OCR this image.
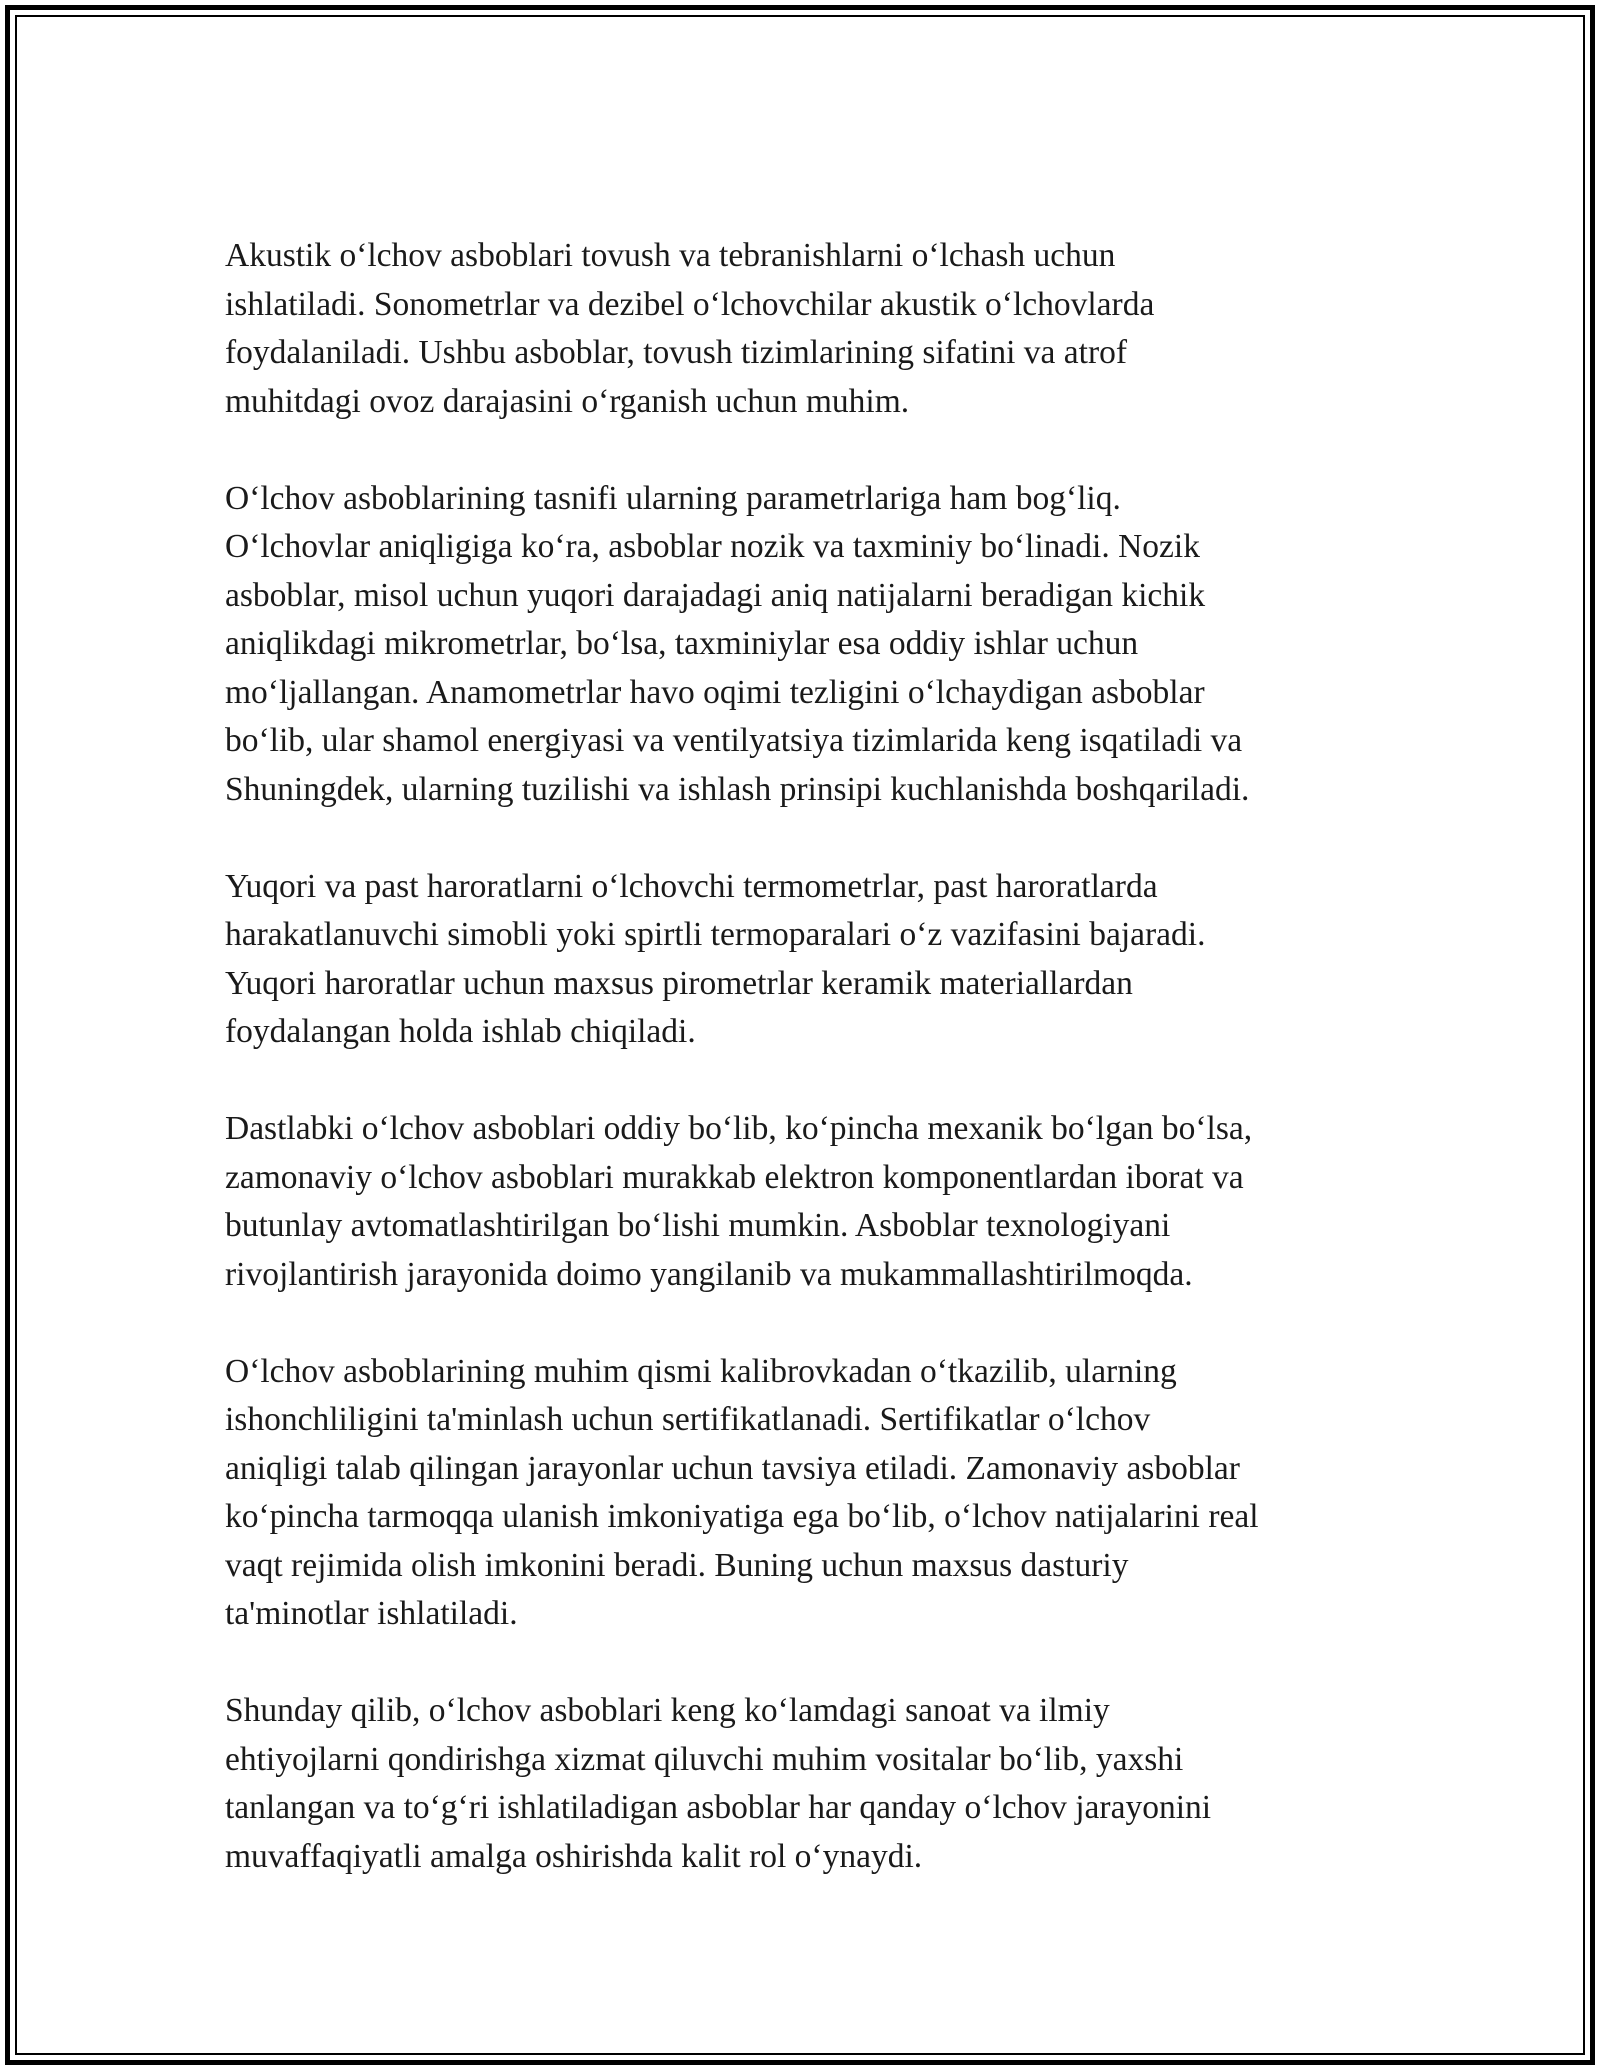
Akustik oʻlchov asboblari tovush va tebranishlarni oʻlchash uchun
ishlatiladi. Sonometrlar va dezibel oʻlchovchilar akustik oʻlchovlarda
foydalaniladi. Ushbu asboblar, tovush tizimlarining sifatini va atrof
muhitdagi ovoz darajasini oʻrganish uchun muhim.

Oʻlchov asboblarining tasnifi ularning parametrlariga ham bogʻliq.
Oʻlchovlar aniqligiga koʻra, asboblar nozik va taxminiy boʻlinadi. Nozik
asboblar, misol uchun yuqori darajadagi aniq natijalarni beradigan kichik
aniqlikdagi mikrometrlar, boʻlsa, taxminiylar esa oddiy ishlar uchun
moʻljallangan. Anamometrlar havo oqimi tezligini oʻlchaydigan asboblar
boʻlib, ular shamol energiyasi va ventilyatsiya tizimlarida keng isqatiladi va
Shuningdek, ularning tuzilishi va ishlash prinsipi kuchlanishda boshqariladi.

Yuqori va past haroratlarni oʻlchovchi termometrlar, past haroratlarda
harakatlanuvchi simobli yoki spirtli termoparalari oʻz vazifasini bajaradi.
Yuqori haroratlar uchun maxsus pirometrlar keramik materiallardan
foydalangan holda ishlab chiqiladi.

Dastlabki oʻlchov asboblari oddiy boʻlib, koʻpincha mexanik boʻlgan boʻlsa,
zamonaviy oʻlchov asboblari murakkab elektron komponentlardan iborat va
butunlay avtomatlashtirilgan boʻlishi mumkin. Asboblar texnologiyani
rivojlantirish jarayonida doimo yangilanib va mukammallashtirilmoqda.

Oʻlchov asboblarining muhim qismi kalibrovkadan oʻtkazilib, ularning
ishonchliligini ta'minlash uchun sertifikatlanadi. Sertifikatlar oʻlchov
aniqligi talab qilingan jarayonlar uchun tavsiya etiladi. Zamonaviy asboblar
koʻpincha tarmoqqa ulanish imkoniyatiga ega boʻlib, oʻlchov natijalarini real
vaqt rejimida olish imkonini beradi. Buning uchun maxsus dasturiy
ta'minotlar ishlatiladi.

Shunday qilib, oʻlchov asboblari keng koʻlamdagi sanoat va ilmiy
ehtiyojlarni qondirishga xizmat qiluvchi muhim vositalar boʻlib, yaxshi
tanlangan va toʻgʻri ishlatiladigan asboblar har qanday oʻlchov jarayonini
muvaffaqiyatli amalga oshirishda kalit rol oʻynaydi.
